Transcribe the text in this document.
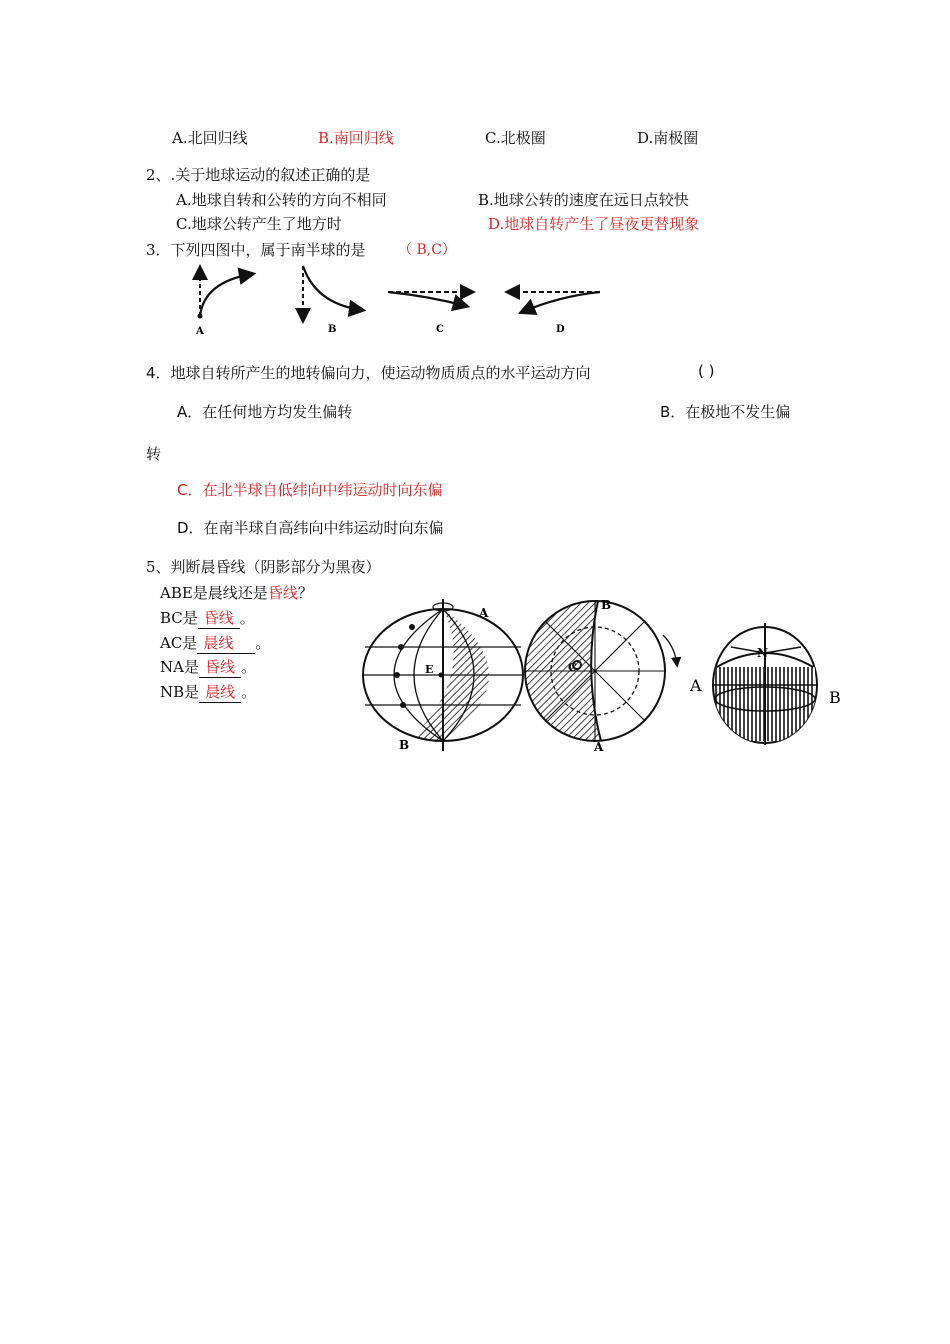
A.北回归线	B.南回归线	C.北极圈	D.南极圈
2、.关于地球运动的叙述正确的是
A.地球自转和公转的方向不相同	B.地球公转的速度在远日点较快
C.地球公转产生了地方时	D.地球自转产生了昼夜更替现象
3．下列四图中，属于南半球的是 （ B,C）
A	B	C	D
4．地球自转所产生的地转偏向力，使运动物质质点的水平运动方向	( )
A．在任何地方均发生偏转	B．在极地不发生偏
转
C．在北半球自低纬向中纬运动时向东偏
D．在南半球自高纬向中纬运动时向东偏
5、判断晨昏线（阴影部分为黑夜）
ABE是晨线还是昏线？
BC是 昏线 。
AC是 晨线 。
NA是 昏线 。
NB是 晨线 。
A
B
E
B
A
C
N
A
B
